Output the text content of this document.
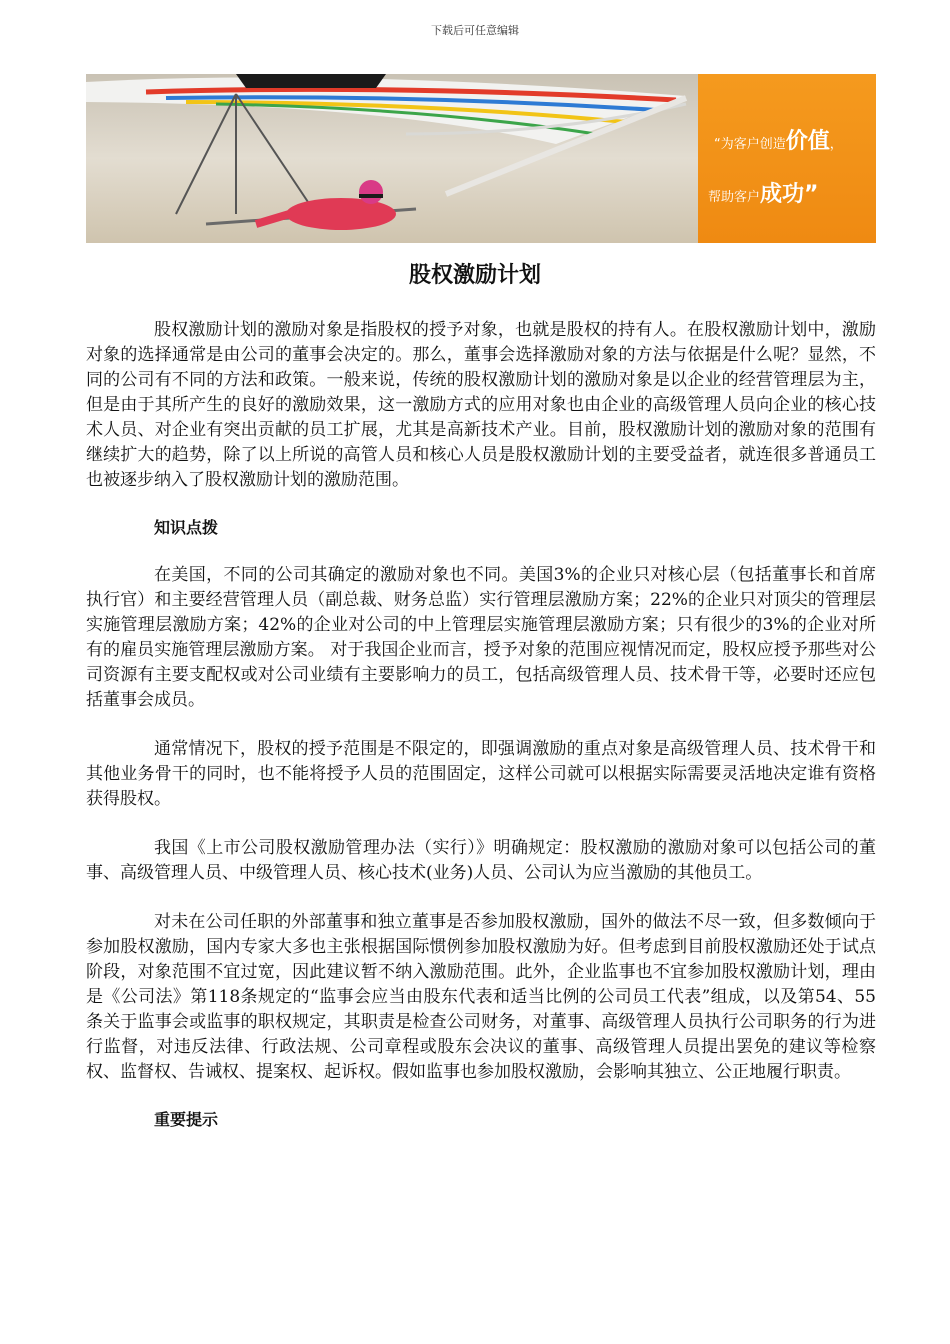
下载后可任意编辑
“为客户创造价值，
帮助客户成功”
股权激励计划

股权激励计划的激励对象是指股权的授予对象，也就是股权的持有人。在股权激励计划中，激励对象的选择通常是由公司的董事会决定的。那么，董事会选择激励对象的方法与依据是什么呢？显然，不同的公司有不同的方法和政策。一般来说，传统的股权激励计划的激励对象是以企业的经营管理层为主，但是由于其所产生的良好的激励效果，这一激励方式的应用对象也由企业的高级管理人员向企业的核心技术人员、对企业有突出贡献的员工扩展，尤其是高新技术产业。目前，股权激励计划的激励对象的范围有继续扩大的趋势，除了以上所说的高管人员和核心人员是股权激励计划的主要受益者，就连很多普通员工也被逐步纳入了股权激励计划的激励范围。

知识点拨

在美国，不同的公司其确定的激励对象也不同。美国3%的企业只对核心层（包括董事长和首席执行官）和主要经营管理人员（副总裁、财务总监）实行管理层激励方案；22%的企业只对顶尖的管理层实施管理层激励方案；42%的企业对公司的中上管理层实施管理层激励方案；只有很少的3%的企业对所有的雇员实施管理层激励方案。 对于我国企业而言，授予对象的范围应视情况而定，股权应授予那些对公司资源有主要支配权或对公司业绩有主要影响力的员工，包括高级管理人员、技术骨干等，必要时还应包括董事会成员。

通常情况下，股权的授予范围是不限定的，即强调激励的重点对象是高级管理人员、技术骨干和其他业务骨干的同时，也不能将授予人员的范围固定，这样公司就可以根据实际需要灵活地决定谁有资格获得股权。

我国《上市公司股权激励管理办法（实行）》明确规定：股权激励的激励对象可以包括公司的董事、高级管理人员、中级管理人员、核心技术(业务)人员、公司认为应当激励的其他员工。

对未在公司任职的外部董事和独立董事是否参加股权激励，国外的做法不尽一致，但多数倾向于参加股权激励，国内专家大多也主张根据国际惯例参加股权激励为好。但考虑到目前股权激励还处于试点阶段，对象范围不宜过宽，因此建议暂不纳入激励范围。此外，企业监事也不宜参加股权激励计划，理由是《公司法》第118条规定的“监事会应当由股东代表和适当比例的公司员工代表”组成，以及第54、55条关于监事会或监事的职权规定，其职责是检查公司财务，对董事、高级管理人员执行公司职务的行为进行监督，对违反法律、行政法规、公司章程或股东会决议的董事、高级管理人员提出罢免的建议等检察权、监督权、告诫权、提案权、起诉权。假如监事也参加股权激励，会影响其独立、公正地履行职责。

重要提示
